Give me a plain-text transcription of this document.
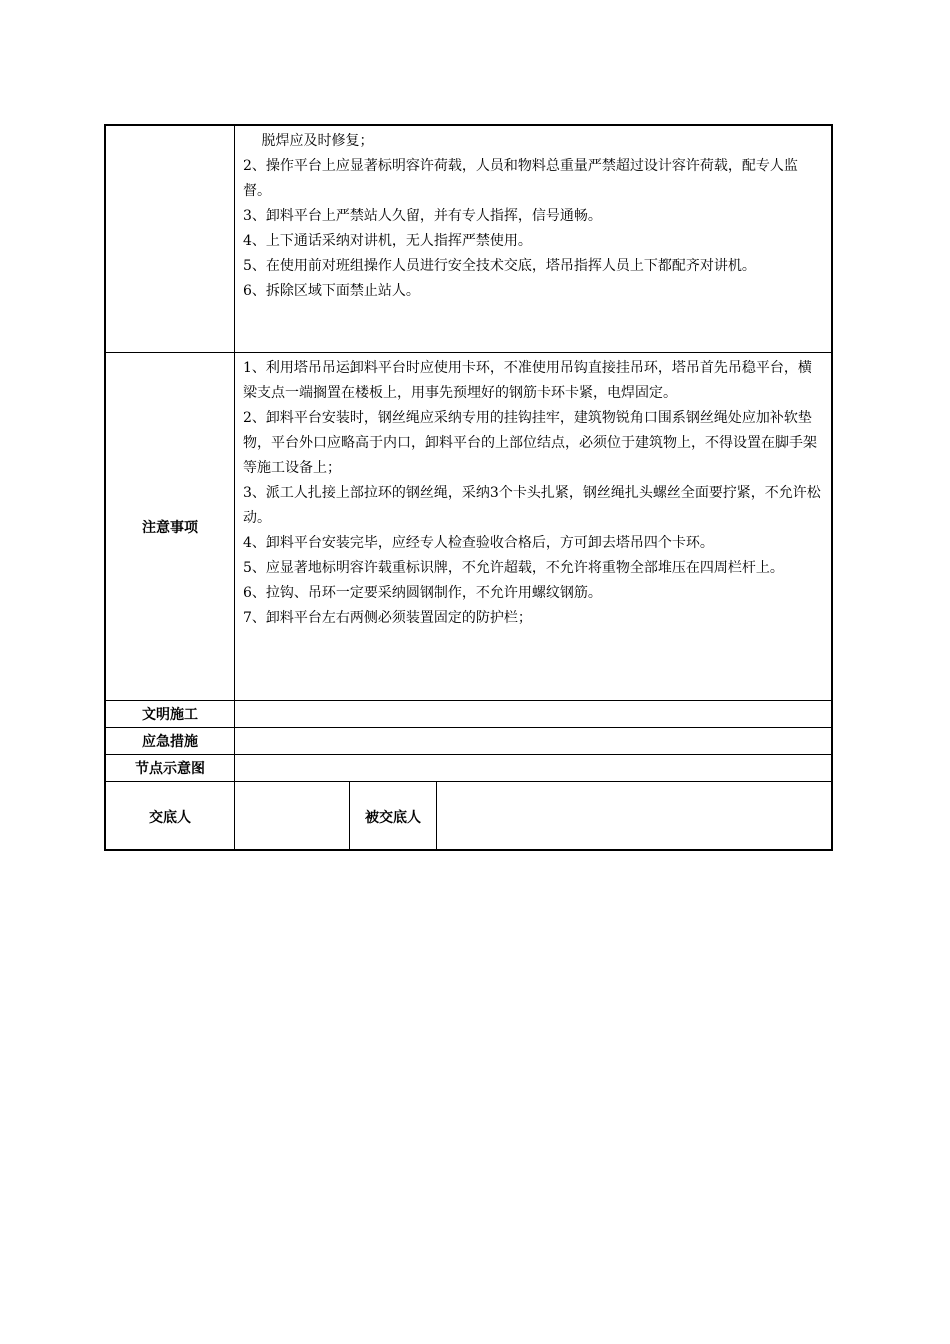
　 脱焊应及时修复；

2、操作平台上应显著标明容许荷载，人员和物料总重量严禁超过设计容许荷载，配专人监督。

3、卸料平台上严禁站人久留，并有专人指挥，信号通畅。

4、上下通话采纳对讲机，无人指挥严禁使用。

5、在使用前对班组操作人员进行安全技术交底，塔吊指挥人员上下都配齐对讲机。

6、拆除区域下面禁止站人。

注意事项

1、利用塔吊吊运卸料平台时应使用卡环，不准使用吊钩直接挂吊环，塔吊首先吊稳平台，横梁支点一端搁置在楼板上，用事先预埋好的钢筋卡环卡紧，电焊固定。

2、卸料平台安装时，钢丝绳应采纳专用的挂钩挂牢，建筑物锐角口围系钢丝绳处应加补软垫物，平台外口应略高于内口，卸料平台的上部位结点，必须位于建筑物上，不得设置在脚手架等施工设备上；

3、派工人扎接上部拉环的钢丝绳，采纳3个卡头扎紧，钢丝绳扎头螺丝全面要拧紧，不允许松动。

4、卸料平台安装完毕，应经专人检查验收合格后，方可卸去塔吊四个卡环。

5、应显著地标明容许载重标识牌，不允许超载，不允许将重物全部堆压在四周栏杆上。

6、拉钩、吊环一定要采纳圆钢制作，不允许用螺纹钢筋。

7、卸料平台左右两侧必须装置固定的防护栏；

文明施工
应急措施
节点示意图
交底人	被交底人
